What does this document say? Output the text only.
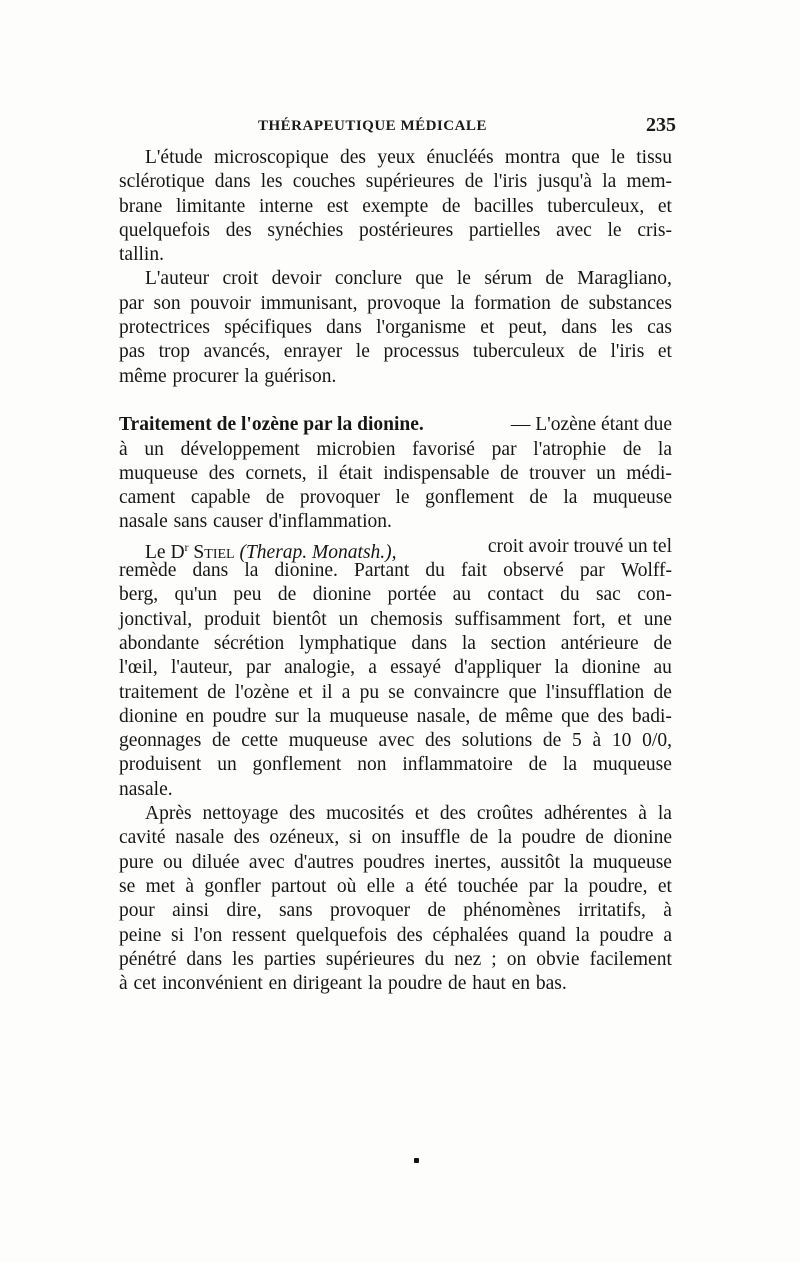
THÉRAPEUTIQUE MÉDICALE	235
L'étude microscopique des yeux énucléés montra que le tissu
sclérotique dans les couches supérieures de l'iris jusqu'à la mem-
brane limitante interne est exempte de bacilles tuberculeux, et
quelquefois des synéchies postérieures partielles avec le cris-
tallin.
L'auteur croit devoir conclure que le sérum de Maragliano,
par son pouvoir immunisant, provoque la formation de substances
protectrices spécifiques dans l'organisme et peut, dans les cas
pas trop avancés, enrayer le processus tuberculeux de l'iris et
même procurer la guérison.
Traitement de l'ozène par la dionine.	— L'ozène étant due
à un développement microbien favorisé par l'atrophie de la
muqueuse des cornets, il était indispensable de trouver un médi-
cament capable de provoquer le gonflement de la muqueuse
nasale sans causer d'inflammation.
Le $D^r$ Stiel (Therap. Monatsh.),	croit avoir trouvé un tel
remède dans la dionine. Partant du fait observé par Wolff-
berg, qu'un peu de dionine portée au contact du sac con-
jonctival, produit bientôt un chemosis suffisamment fort, et une
abondante sécrétion lymphatique dans la section antérieure de
l'œil, l'auteur, par analogie, a essayé d'appliquer la dionine au
traitement de l'ozène et il a pu se convaincre que l'insufflation de
dionine en poudre sur la muqueuse nasale, de même que des badi-
geonnages de cette muqueuse avec des solutions de 5 à 10 0/0,
produisent un gonflement non inflammatoire de la muqueuse
nasale.
Après nettoyage des mucosités et des croûtes adhérentes à la
cavité nasale des ozéneux, si on insuffle de la poudre de dionine
pure ou diluée avec d'autres poudres inertes, aussitôt la muqueuse
se met à gonfler partout où elle a été touchée par la poudre, et
pour ainsi dire, sans provoquer de phénomènes irritatifs, à
peine si l'on ressent quelquefois des céphalées quand la poudre a
pénétré dans les parties supérieures du nez ; on obvie facilement
à cet inconvénient en dirigeant la poudre de haut en bas.
